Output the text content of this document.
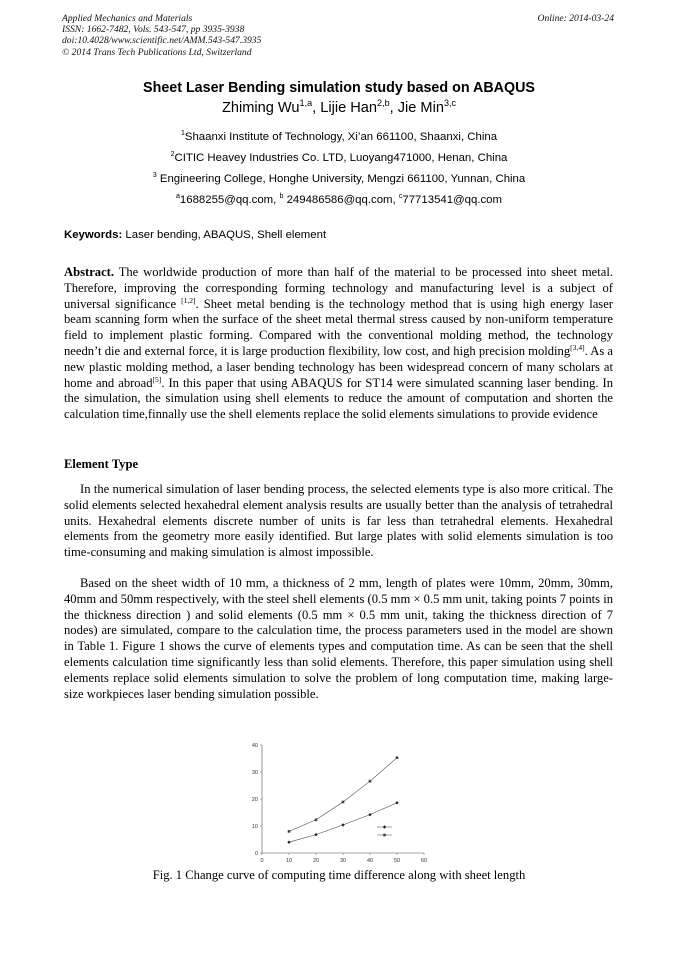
Applied Mechanics and Materials
ISSN: 1662-7482, Vols. 543-547, pp 3935-3938
doi:10.4028/www.scientific.net/AMM.543-547.3935
© 2014 Trans Tech Publications Ltd, Switzerland
Online: 2014-03-24
Sheet Laser Bending simulation study based on ABAQUS
Zhiming Wu$^{1,a}$, Lijie Han$^{2,b}$, Jie Min$^{3,c}$
$^1$Shaanxi Institute of Technology, Xi’an 661100, Shaanxi, China
$^2$CITIC Heavey Industries Co. LTD, Luoyang471000, Henan, China
$^3$ Engineering College, Honghe University, Mengzi 661100, Yunnan, China
$^a$1688255@qq.com, $^b$ 249486586@qq.com, $^c$77713541@qq.com
Keywords: Laser bending, ABAQUS, Shell element

Abstract. The worldwide production of more than half of the material to be processed into sheet metal. Therefore, improving the corresponding forming technology and manufacturing level is a subject of universal significance [1,2]. Sheet metal bending is the technology method that is using high energy laser beam scanning form when the surface of the sheet metal thermal stress caused by non-uniform temperature field to implement plastic forming. Compared with the conventional molding method, the technology needn’t die and external force, it is large production flexibility, low cost, and high precision molding[3,4]. As a new plastic molding method, a laser bending technology has been widespread concern of many scholars at home and abroad[5]. In this paper that using ABAQUS for ST14 were simulated scanning laser bending. In the simulation, the simulation using shell elements to reduce the amount of computation and shorten the calculation time,finnally use the shell elements replace the solid elements simulations to provide evidence

Element Type

In the numerical simulation of laser bending process, the selected elements type is also more critical. The solid elements selected hexahedral element analysis results are usually better than the analysis of tetrahedral units. Hexahedral elements discrete number of units is far less than tetrahedral elements. Hexahedral elements from the geometry more easily identified. But large plates with solid elements simulation is too time-consuming and making simulation is almost impossible.

Based on the sheet width of 10 mm, a thickness of 2 mm, length of plates were 10mm, 20mm, 30mm, 40mm and 50mm respectively, with the steel shell elements (0.5 mm × 0.5 mm unit, taking points 7 points in the thickness direction ) and solid elements (0.5 mm × 0.5 mm unit, taking the thickness direction of 7 nodes) are simulated, compare to the calculation time, the process parameters used in the model are shown in Table 1. Figure 1 shows the curve of elements types and computation time. As can be seen that the shell elements calculation time significantly less than solid elements. Therefore, this paper simulation using shell elements replace solid elements simulation to solve the problem of long computation time, making large-size workpieces laser bending simulation possible.

0
10
20
30
40
0	10	20	30	40	50	60
Fig. 1 Change curve of computing time difference along with sheet length
